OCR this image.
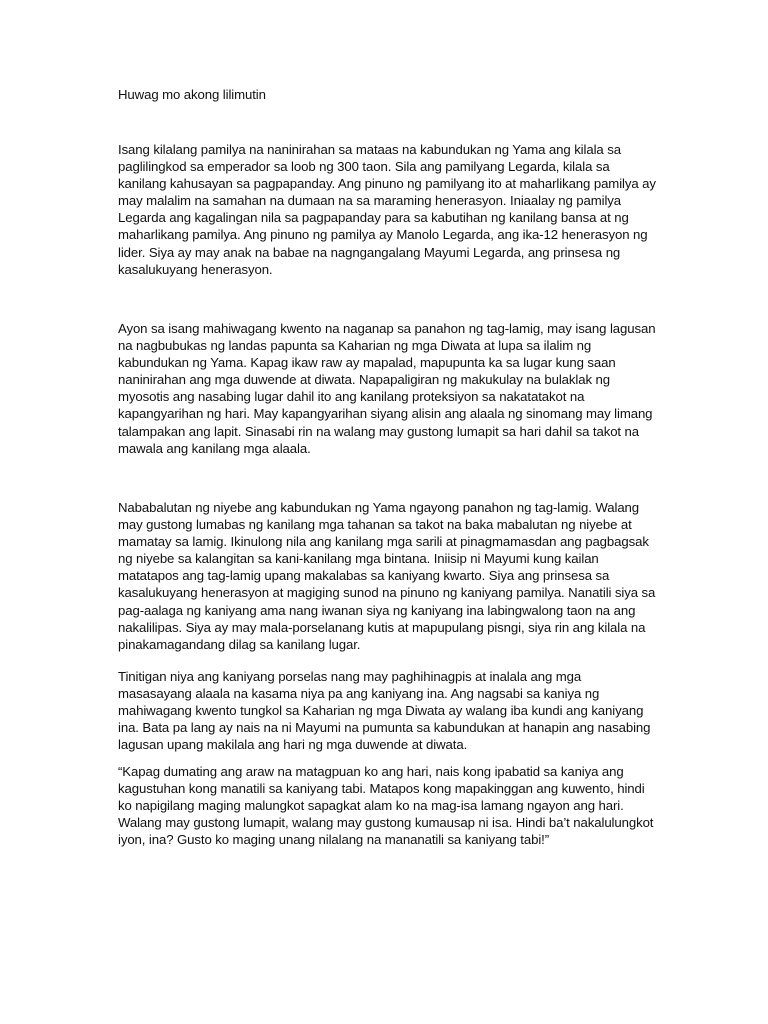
Huwag mo akong lilimutin

Isang kilalang pamilya na naninirahan sa mataas na kabundukan ng Yama ang kilala sa paglilingkod sa emperador sa loob ng 300 taon. Sila ang pamilyang Legarda, kilala sa kanilang kahusayan sa pagpapanday. Ang pinuno ng pamilyang ito at maharlikang pamilya ay may malalim na samahan na dumaan na sa maraming henerasyon. Iniaalay ng pamilya Legarda ang kagalingan nila sa pagpapanday para sa kabutihan ng kanilang bansa at ng maharlikang pamilya. Ang pinuno ng pamilya ay Manolo Legarda, ang ika-12 henerasyon ng lider. Siya ay may anak na babae na nagngangalang Mayumi Legarda, ang prinsesa ng kasalukuyang henerasyon.

Ayon sa isang mahiwagang kwento na naganap sa panahon ng tag-lamig, may isang lagusan na nagbubukas ng landas papunta sa Kaharian ng mga Diwata at lupa sa ilalim ng kabundukan ng Yama. Kapag ikaw raw ay mapalad, mapupunta ka sa lugar kung saan naninirahan ang mga duwende at diwata. Napapaligiran ng makukulay na bulaklak ng myosotis ang nasabing lugar dahil ito ang kanilang proteksiyon sa nakatatakot na kapangyarihan ng hari. May kapangyarihan siyang alisin ang alaala ng sinomang may limang talampakan ang lapit. Sinasabi rin na walang may gustong lumapit sa hari dahil sa takot na mawala ang kanilang mga alaala.

Nababalutan ng niyebe ang kabundukan ng Yama ngayong panahon ng tag-lamig. Walang may gustong lumabas ng kanilang mga tahanan sa takot na baka mabalutan ng niyebe at mamatay sa lamig. Ikinulong nila ang kanilang mga sarili at pinagmamasdan ang pagbagsak ng niyebe sa kalangitan sa kani-kanilang mga bintana. Iniisip ni Mayumi kung kailan matatapos ang tag-lamig upang makalabas sa kaniyang kwarto. Siya ang prinsesa sa kasalukuyang henerasyon at magiging sunod na pinuno ng kaniyang pamilya. Nanatili siya sa pag-aalaga ng kaniyang ama nang iwanan siya ng kaniyang ina labingwalong taon na ang nakalilipas. Siya ay may mala-porselanang kutis at mapupulang pisngi, siya rin ang kilala na pinakamagandang dilag sa kanilang lugar.

Tinitigan niya ang kaniyang porselas nang may paghihinagpis at inalala ang mga masasayang alaala na kasama niya pa ang kaniyang ina. Ang nagsabi sa kaniya ng mahiwagang kwento tungkol sa Kaharian ng mga Diwata ay walang iba kundi ang kaniyang ina. Bata pa lang ay nais na ni Mayumi na pumunta sa kabundukan at hanapin ang nasabing lagusan upang makilala ang hari ng mga duwende at diwata.

“Kapag dumating ang araw na matagpuan ko ang hari, nais kong ipabatid sa kaniya ang kagustuhan kong manatili sa kaniyang tabi. Matapos kong mapakinggan ang kuwento, hindi ko napigilang maging malungkot sapagkat alam ko na mag-isa lamang ngayon ang hari. Walang may gustong lumapit, walang may gustong kumausap ni isa. Hindi ba’t nakalulungkot iyon, ina? Gusto ko maging unang nilalang na mananatili sa kaniyang tabi!”
